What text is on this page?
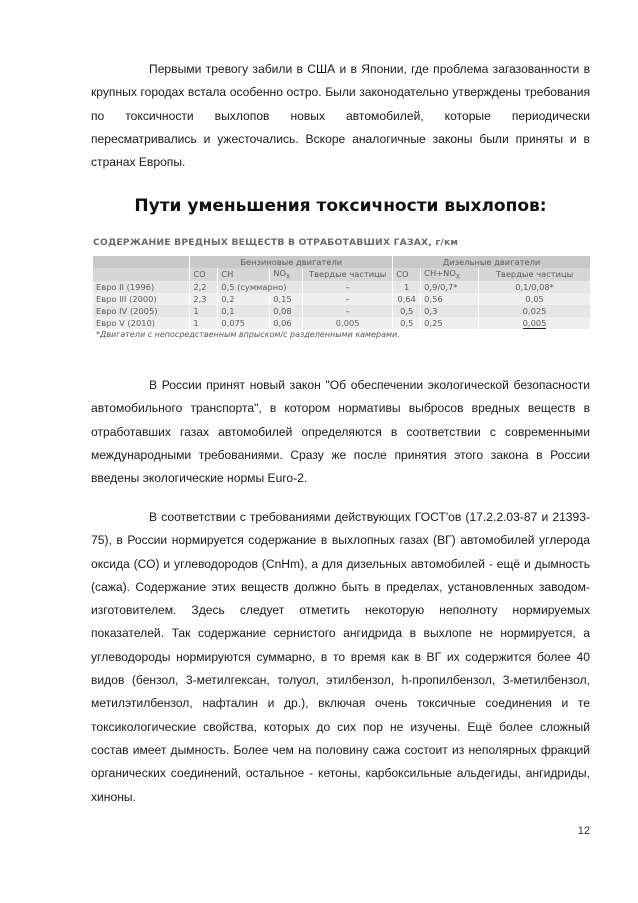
Первыми тревогу забили в США и в Японии, где проблема загазованности в крупных городах встала особенно остро. Были законодательно утверждены требования по токсичности выхлопов новых автомобилей, которые периодически пересматривались и ужесточались. Вскоре аналогичные законы были приняты и в странах Европы.

Пути уменьшения токсичности выхлопов:
СОДЕРЖАНИЕ ВРЕДНЫХ ВЕЩЕСТВ В ОТРАБОТАВШИХ ГАЗАХ, г/км
	Бензиновые двигатели				Дизельные двигатели		
	CO	CH	$NO_X$	Твердые частицы	CO	$CH+NO_X$	Твердые частицы
Евро II (1996)	2,2	0,5 (суммарно)		–	1	0,9/0,7*	0,1/0,08*
Евро III (2000)	2,3	0,2	0,15	–	0,64	0,56	0,05
Евро IV (2005)	1	0,1	0,08	–	0,5	0,3	0,025
Евро V (2010)	1	0,075	0,06	0,005	0,5	0,25	0,005
*Двигатели с непосредственным впрыском/с разделенными камерами.							

В России принят новый закон "Об обеспечении экологической безопасности автомобильного транспорта", в котором нормативы выбросов вредных веществ в отработавших газах автомобилей определяются в соответствии с современными международными требованиями. Сразу же после принятия этого закона в России введены экологические нормы Euro-2.

В соответствии с требованиями действующих ГОСТ'ов (17.2.2.03-87 и 21393-75), в России нормируется содержание в выхлопных газах (ВГ) автомобилей углерода оксида (СО) и углеводородов (СnHm), а для дизельных автомобилей - ещё и дымность (сажа). Содержание этих веществ должно быть в пределах, установленных заводом-изготовителем. Здесь следует отметить некоторую неполноту нормируемых показателей. Так содержание сернистого ангидрида в выхлопе не нормируется, а углеводороды нормируются суммарно, в то время как в ВГ их содержится более 40 видов (бензол, 3-метилгексан, толуол, этилбензол, h-пропилбензол, 3-метилбензол, метилэтилбензол, нафталин и др.), включая очень токсичные соединения и те токсикологические свойства, которых до сих пор не изучены. Ещё более сложный состав имеет дымность. Более чем на половину сажа состоит из неполярных фракций органических соединений, остальное - кетоны, карбоксильные альдегиды, ангидриды, хиноны.

12
